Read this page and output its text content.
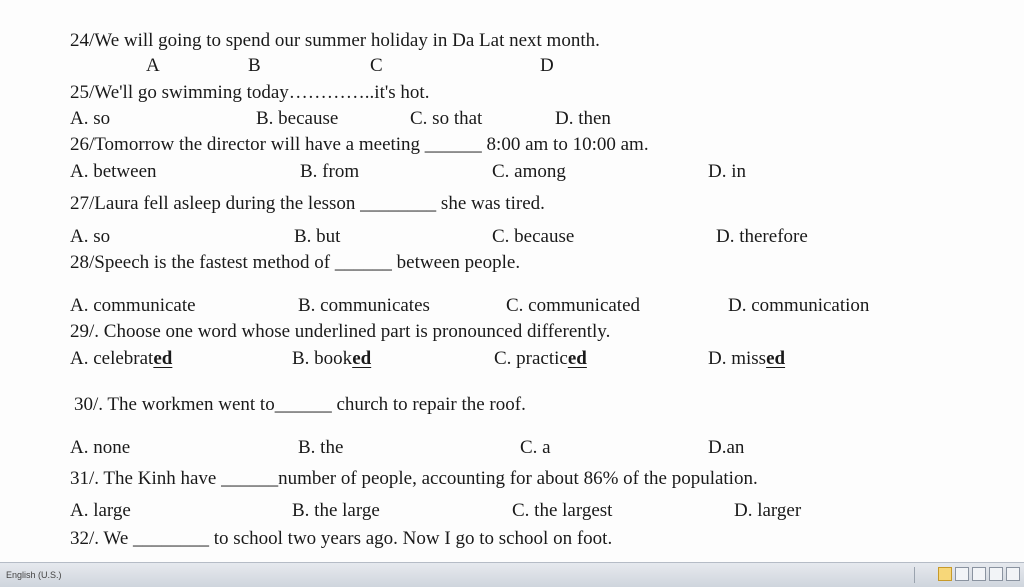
24/We will going to spend our summer holiday in Da Lat next month.
A	B	C	D
25/We'll go swimming today…………..it's hot.
A. so	B. because	C. so that	D. then
26/Tomorrow the director will have a meeting ______ 8:00 am to 10:00 am.
A. between	B. from	C. among	D. in
27/Laura fell asleep during the lesson ________ she was tired.
A. so	B. but	C. because	D. therefore
28/Speech is the fastest method of ______ between people.
A. communicate	B. communicates	C. communicated	D. communication
29/. Choose one word whose underlined part is pronounced differently.
A. celebrated	B. booked	C. practiced	D. missed
30/. The workmen went to______ church to repair the roof.
A. none	B. the	C. a	D.an
31/. The Kinh have ______number of people, accounting for about 86% of the population.
A. large	B. the large	C. the largest	D. larger
32/. We ________ to school two years ago. Now I go to school on foot.
English (U.S.)
